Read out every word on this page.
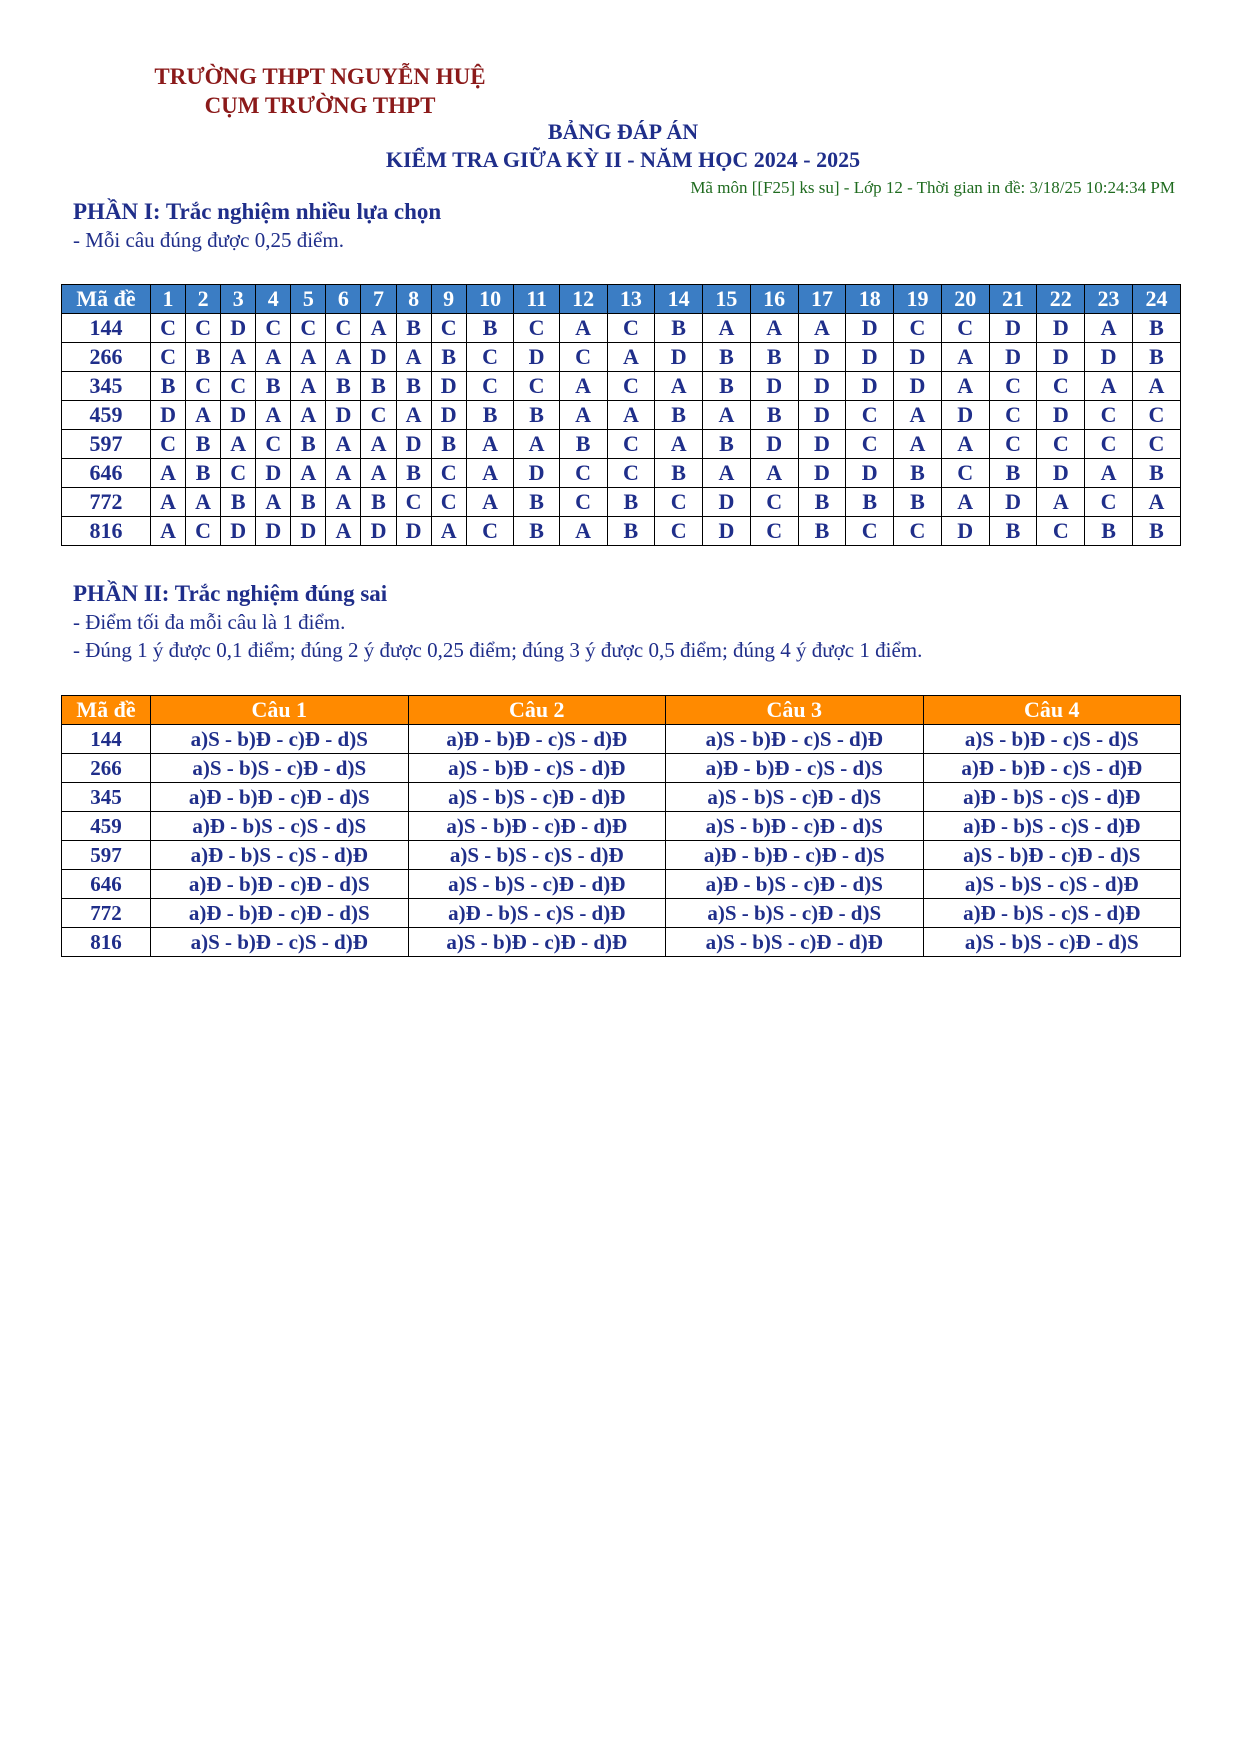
TRƯỜNG THPT NGUYỄN HUỆ
CỤM TRƯỜNG THPT
BẢNG ĐÁP ÁN
KIỂM TRA GIỮA KỲ II - NĂM HỌC 2024 - 2025
Mã môn [[F25] ks su] - Lớp 12 - Thời gian in đề: 3/18/25 10:24:34 PM
PHẦN I: Trắc nghiệm nhiều lựa chọn
- Mỗi câu đúng được 0,25 điểm.
Mã đề	1	2	3	4	5	6	7	8	9	10	11	12	13	14	15	16	17	18	19	20	21	22	23	24
144	C	C	D	C	C	C	A	B	C	B	C	A	C	B	A	A	A	D	C	C	D	D	A	B
266	C	B	A	A	A	A	D	A	B	C	D	C	A	D	B	B	D	D	D	A	D	D	D	B
345	B	C	C	B	A	B	B	B	D	C	C	A	C	A	B	D	D	D	D	A	C	C	A	A
459	D	A	D	A	A	D	C	A	D	B	B	A	A	B	A	B	D	C	A	D	C	D	C	C
597	C	B	A	C	B	A	A	D	B	A	A	B	C	A	B	D	D	C	A	A	C	C	C	C
646	A	B	C	D	A	A	A	B	C	A	D	C	C	B	A	A	D	D	B	C	B	D	A	B
772	A	A	B	A	B	A	B	C	C	A	B	C	B	C	D	C	B	B	B	A	D	A	C	A
816	A	C	D	D	D	A	D	D	A	C	B	A	B	C	D	C	B	C	C	D	B	C	B	B
PHẦN II: Trắc nghiệm đúng sai
- Điểm tối đa mỗi câu là 1 điểm.
- Đúng 1 ý được 0,1 điểm; đúng 2 ý được 0,25 điểm; đúng 3 ý được 0,5 điểm; đúng 4 ý được 1 điểm.
Mã đề	Câu 1	Câu 2	Câu 3	Câu 4
144	a)S - b)Đ - c)Đ - d)S	a)Đ - b)Đ - c)S - d)Đ	a)S - b)Đ - c)S - d)Đ	a)S - b)Đ - c)S - d)S
266	a)S - b)S - c)Đ - d)S	a)S - b)Đ - c)S - d)Đ	a)Đ - b)Đ - c)S - d)S	a)Đ - b)Đ - c)S - d)Đ
345	a)Đ - b)Đ - c)Đ - d)S	a)S - b)S - c)Đ - d)Đ	a)S - b)S - c)Đ - d)S	a)Đ - b)S - c)S - d)Đ
459	a)Đ - b)S - c)S - d)S	a)S - b)Đ - c)Đ - d)Đ	a)S - b)Đ - c)Đ - d)S	a)Đ - b)S - c)S - d)Đ
597	a)Đ - b)S - c)S - d)Đ	a)S - b)S - c)S - d)Đ	a)Đ - b)Đ - c)Đ - d)S	a)S - b)Đ - c)Đ - d)S
646	a)Đ - b)Đ - c)Đ - d)S	a)S - b)S - c)Đ - d)Đ	a)Đ - b)S - c)Đ - d)S	a)S - b)S - c)S - d)Đ
772	a)Đ - b)Đ - c)Đ - d)S	a)Đ - b)S - c)S - d)Đ	a)S - b)S - c)Đ - d)S	a)Đ - b)S - c)S - d)Đ
816	a)S - b)Đ - c)S - d)Đ	a)S - b)Đ - c)Đ - d)Đ	a)S - b)S - c)Đ - d)Đ	a)S - b)S - c)Đ - d)S
